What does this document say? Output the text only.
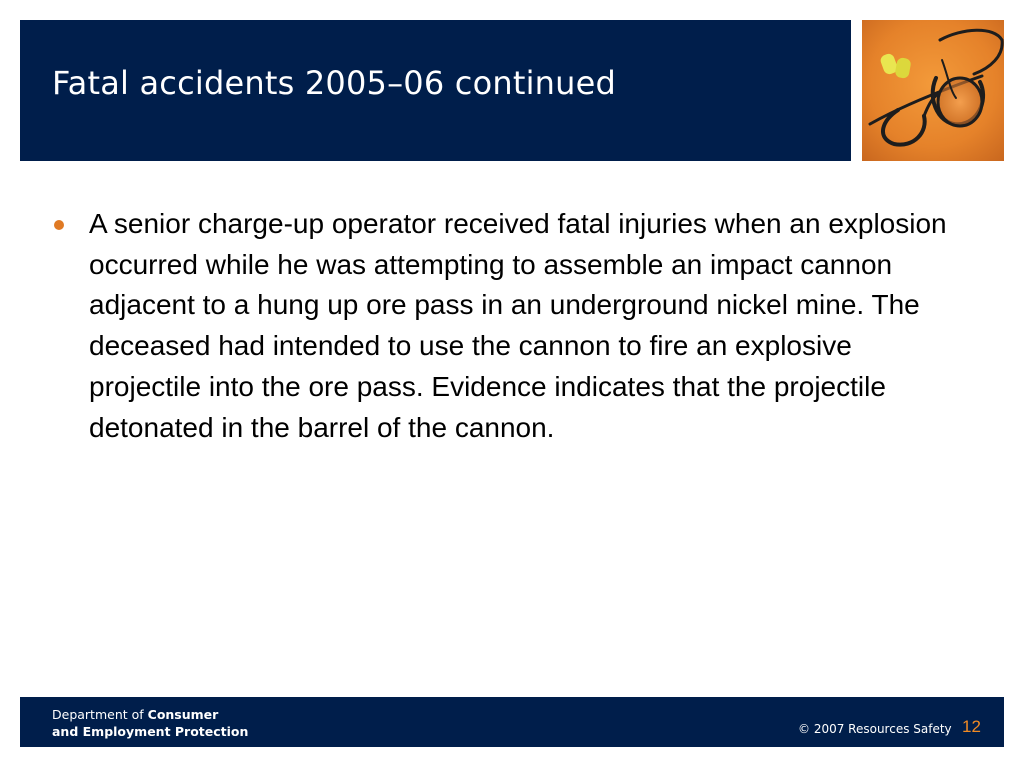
Fatal accidents 2005–06 continued
A senior charge-up operator received fatal injuries when an explosion occurred while he was attempting to assemble an impact cannon adjacent to a hung up ore pass in an underground nickel mine. The deceased had intended to use the cannon to fire an explosive projectile into the ore pass. Evidence indicates that the projectile detonated in the barrel of the cannon.
Department of Consumer
and Employment Protection	© 2007 Resources Safety 12
